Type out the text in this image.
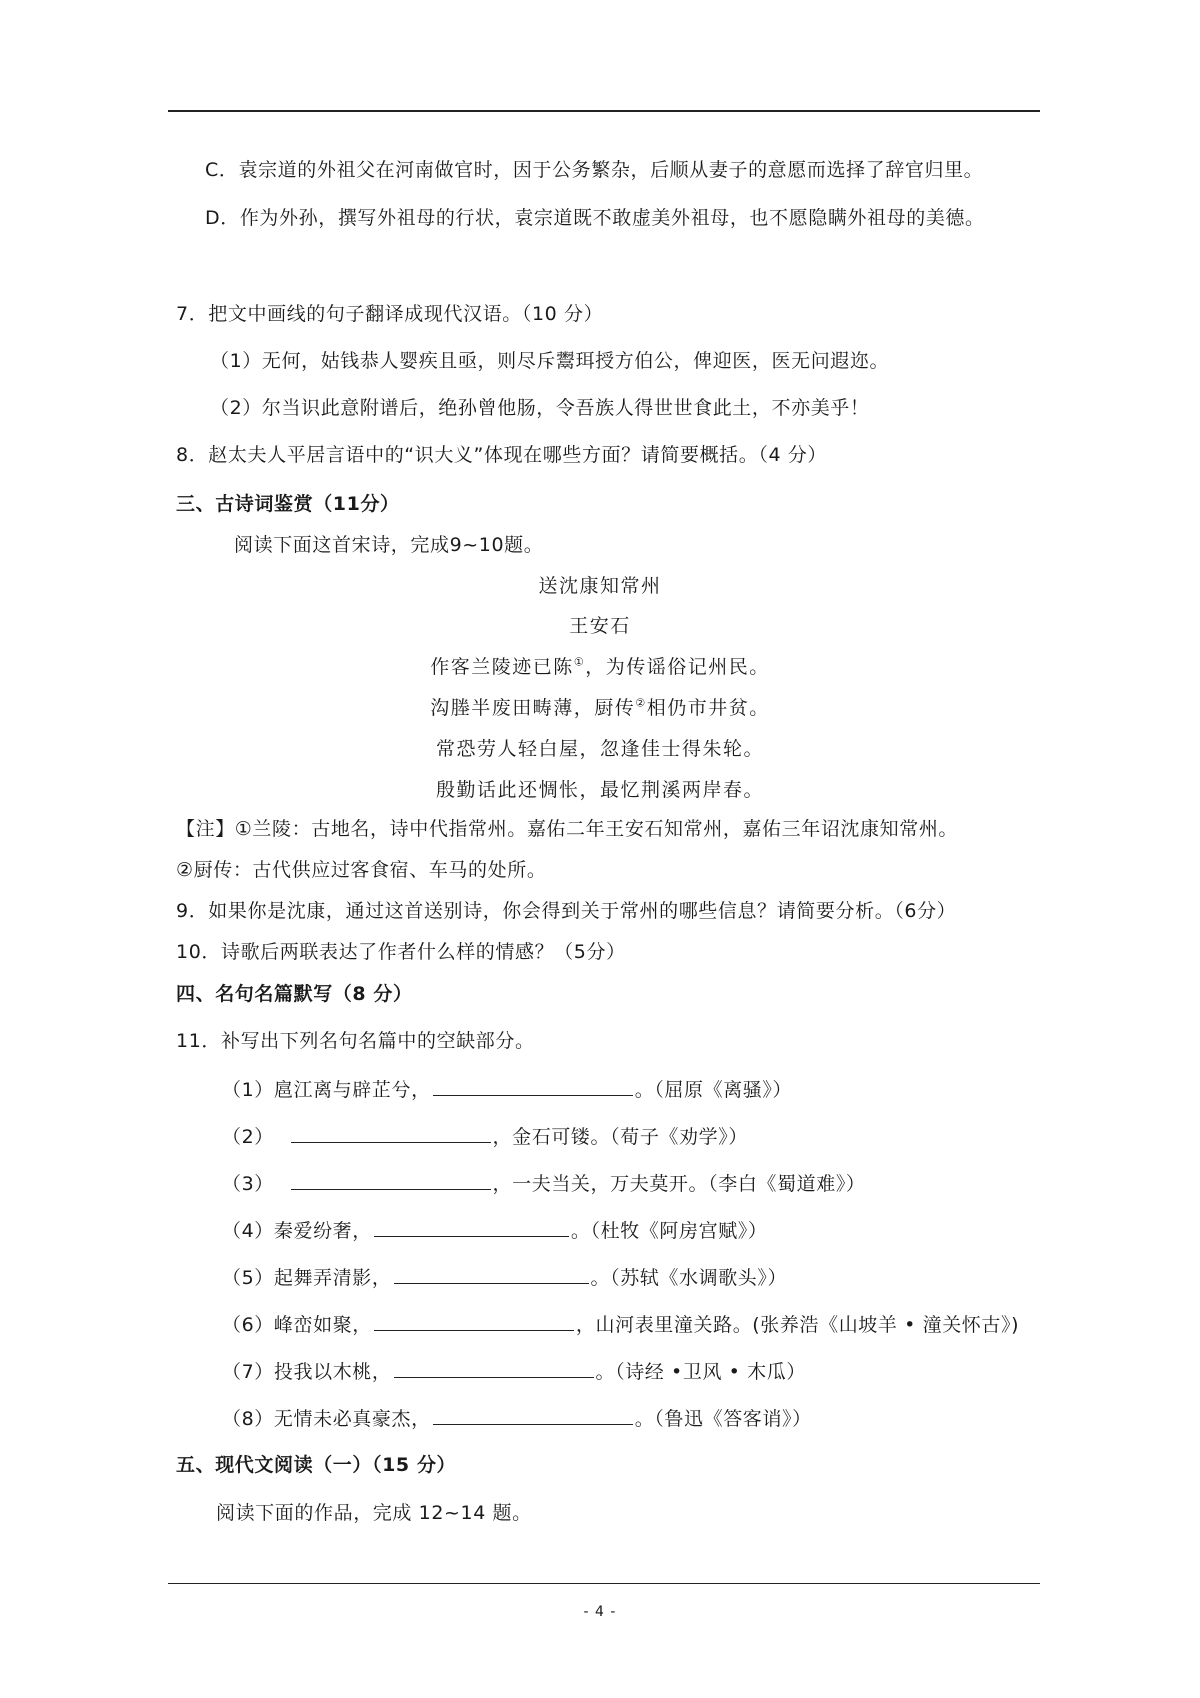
C．袁宗道的外祖父在河南做官时，因于公务繁杂，后顺从妻子的意愿而选择了辞官归里。
D．作为外孙，撰写外祖母的行状，袁宗道既不敢虚美外祖母，也不愿隐瞒外祖母的美德。
7．把文中画线的句子翻译成现代汉语。（10 分）
（1）无何，姑钱恭人婴疾且亟，则尽斥鬻珥授方伯公，俾迎医，医无问遐迩。
（2）尔当识此意附谱后，绝孙曾他肠，令吾族人得世世食此土，不亦美乎！
8．赵太夫人平居言语中的“识大义”体现在哪些方面？请简要概括。（4 分）
三、古诗词鉴赏（11分）
阅读下面这首宋诗，完成9~10题。
送沈康知常州
王安石
作客兰陵迹已陈①，为传谣俗记州民。
沟塍半废田畴薄，厨传②相仍市井贫。
常恐劳人轻白屋，忽逢佳士得朱轮。
殷勤话此还惆怅，最忆荆溪两岸春。
【注】①兰陵：古地名，诗中代指常州。嘉佑二年王安石知常州，嘉佑三年诏沈康知常州。
②厨传：古代供应过客食宿、车马的处所。
9．如果你是沈康，通过这首送别诗，你会得到关于常州的哪些信息？请简要分析。（6分）
10．诗歌后两联表达了作者什么样的情感？（5分）
四、名句名篇默写（8 分）
11．补写出下列名句名篇中的空缺部分。
（1）扈江离与辟芷兮，	。（屈原《离骚》）
（2）	，金石可镂。（荀子《劝学》）
（3）	，一夫当关，万夫莫开。（李白《蜀道难》）
（4）秦爱纷奢，	。（杜牧《阿房宫赋》）
（5）起舞弄清影，	。（苏轼《水调歌头》）
（6）峰峦如聚，	，山河表里潼关路。(张养浩《山坡羊 • 潼关怀古》)
（7）投我以木桃，	。（诗经 •卫风 • 木瓜）
（8）无情未必真豪杰，	。（鲁迅《答客诮》）
五、现代文阅读（一）（15 分）
阅读下面的作品，完成 12~14 题。
- 4 -
